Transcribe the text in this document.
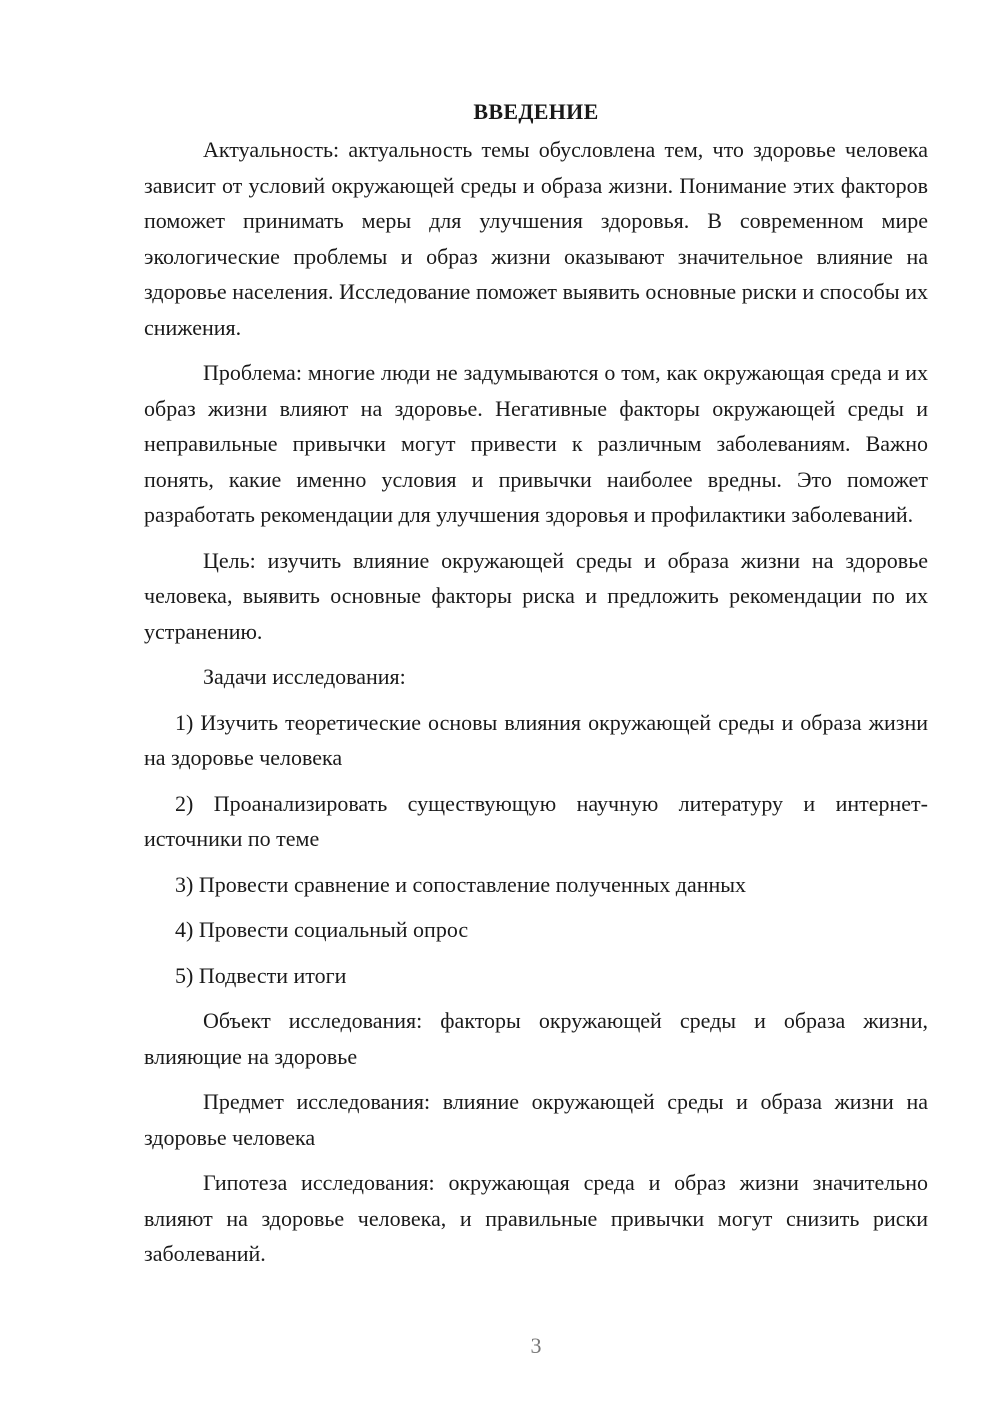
ВВЕДЕНИЕ

Актуальность: актуальность темы обусловлена тем, что здоровье человека зависит от условий окружающей среды и образа жизни. Понимание этих факторов поможет принимать меры для улучшения здоровья. В современном мире экологические проблемы и образ жизни оказывают значительное влияние на здоровье населения. Исследование поможет выявить основные риски и способы их снижения.

Проблема: многие люди не задумываются о том, как окружающая среда и их образ жизни влияют на здоровье. Негативные факторы окружающей среды и неправильные привычки могут привести к различным заболеваниям. Важно понять, какие именно условия и привычки наиболее вредны. Это поможет разработать рекомендации для улучшения здоровья и профилактики заболеваний.

Цель: изучить влияние окружающей среды и образа жизни на здоровье человека, выявить основные факторы риска и предложить рекомендации по их устранению.

Задачи исследования:

1) Изучить теоретические основы влияния окружающей среды и образа жизни на здоровье человека

2) Проанализировать существующую научную литературу и интернет-источники по теме

3) Провести сравнение и сопоставление полученных данных

4) Провести социальный опрос

5) Подвести итоги

Объект исследования: факторы окружающей среды и образа жизни, влияющие на здоровье

Предмет исследования: влияние окружающей среды и образа жизни на здоровье человека

Гипотеза исследования: окружающая среда и образ жизни значительно влияют на здоровье человека, и правильные привычки могут снизить риски заболеваний.

3
